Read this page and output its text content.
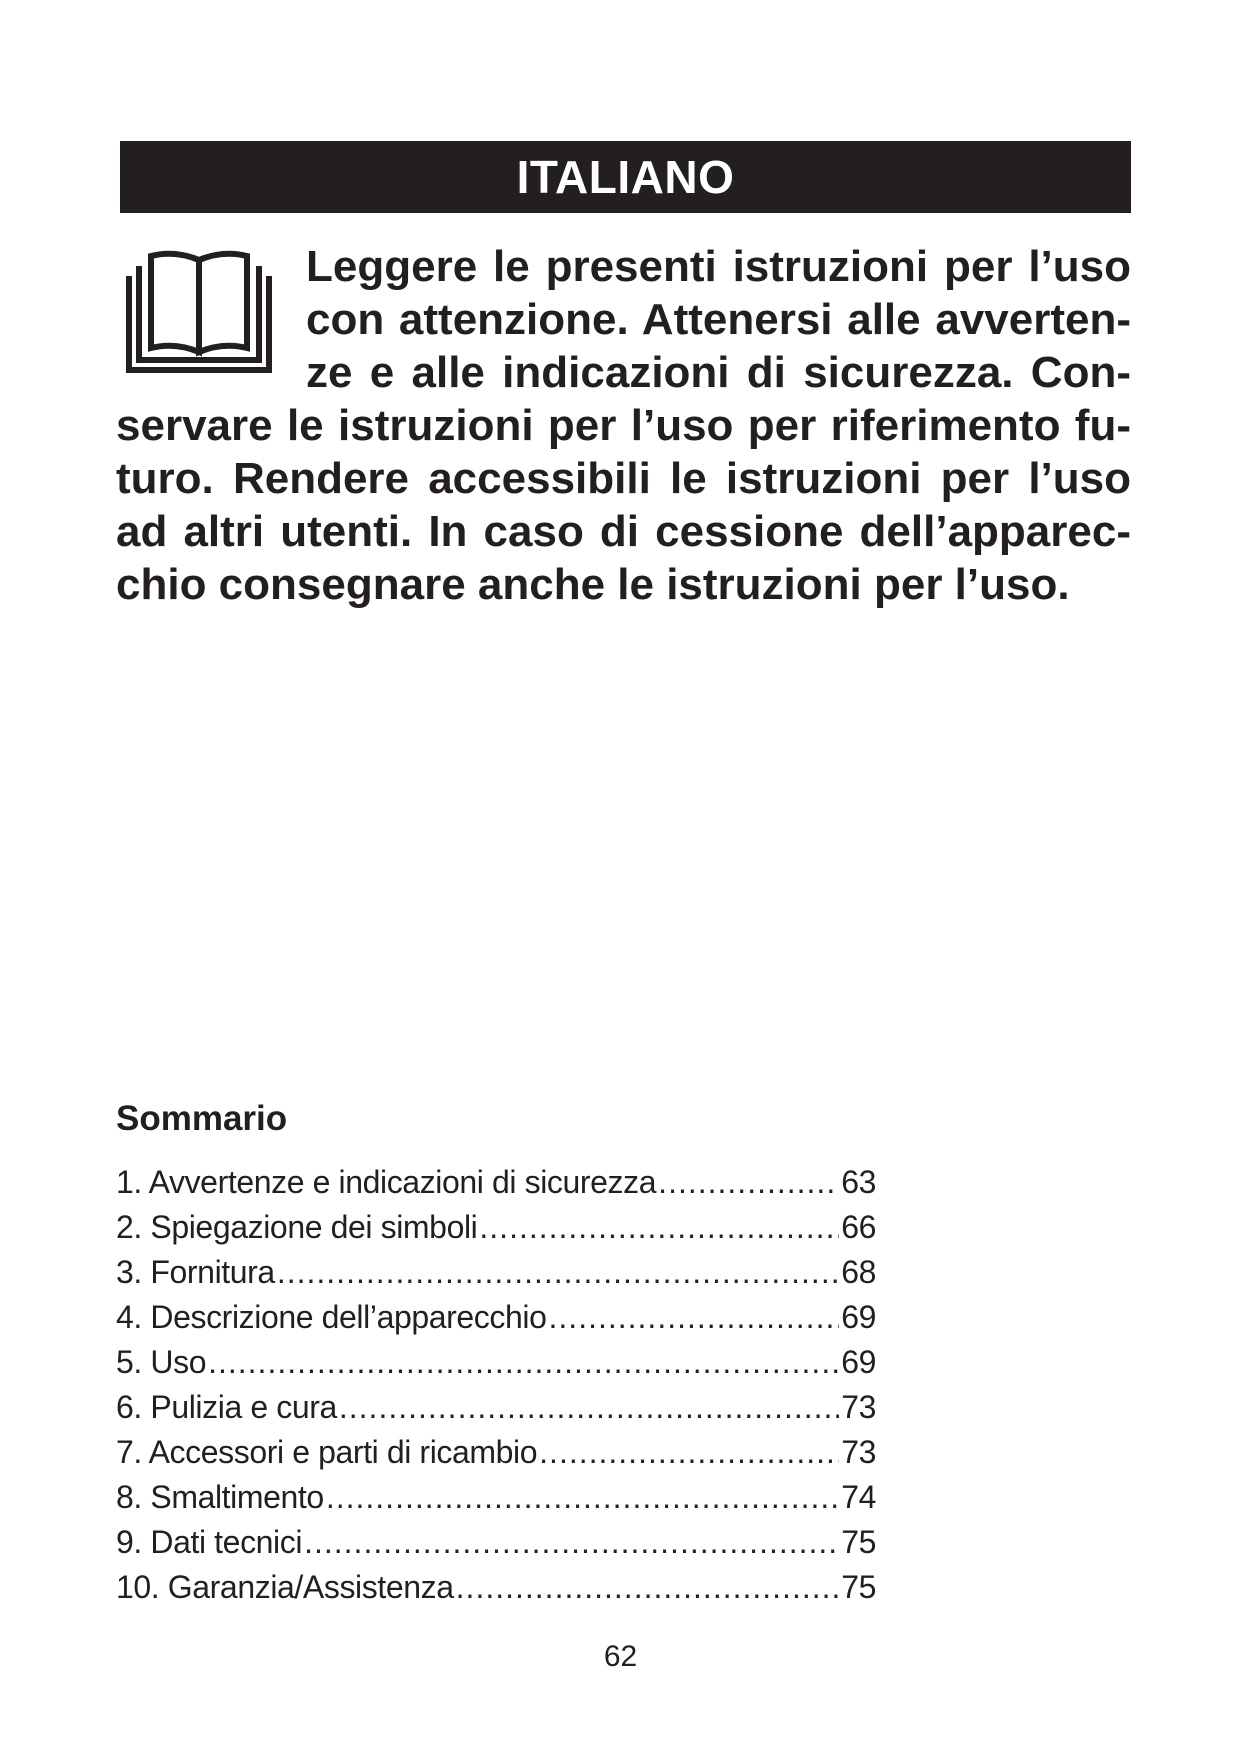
ITALIANO
Leggere le presenti istruzioni per l’uso
con attenzione. Attenersi alle avverten-
ze e alle indicazioni di sicurezza. Con-
servare le istruzioni per l’uso per riferimento fu-
turo. Rendere accessibili le istruzioni per l’uso
ad altri utenti. In caso di cessione dell’apparec-
chio consegnare anche le istruzioni per l’uso.
Sommario
1. Avvertenze e indicazioni di sicurezza .....	63
2. Spiegazione dei simboli .....	66
3. Fornitura .....	68
4. Descrizione dell’apparecchio .....	69
5. Uso .....	69
6. Pulizia e cura .....	73
7. Accessori e parti di ricambio .....	73
8. Smaltimento .....	74
9. Dati tecnici .....	75
10. Garanzia/Assistenza .....	75
62
